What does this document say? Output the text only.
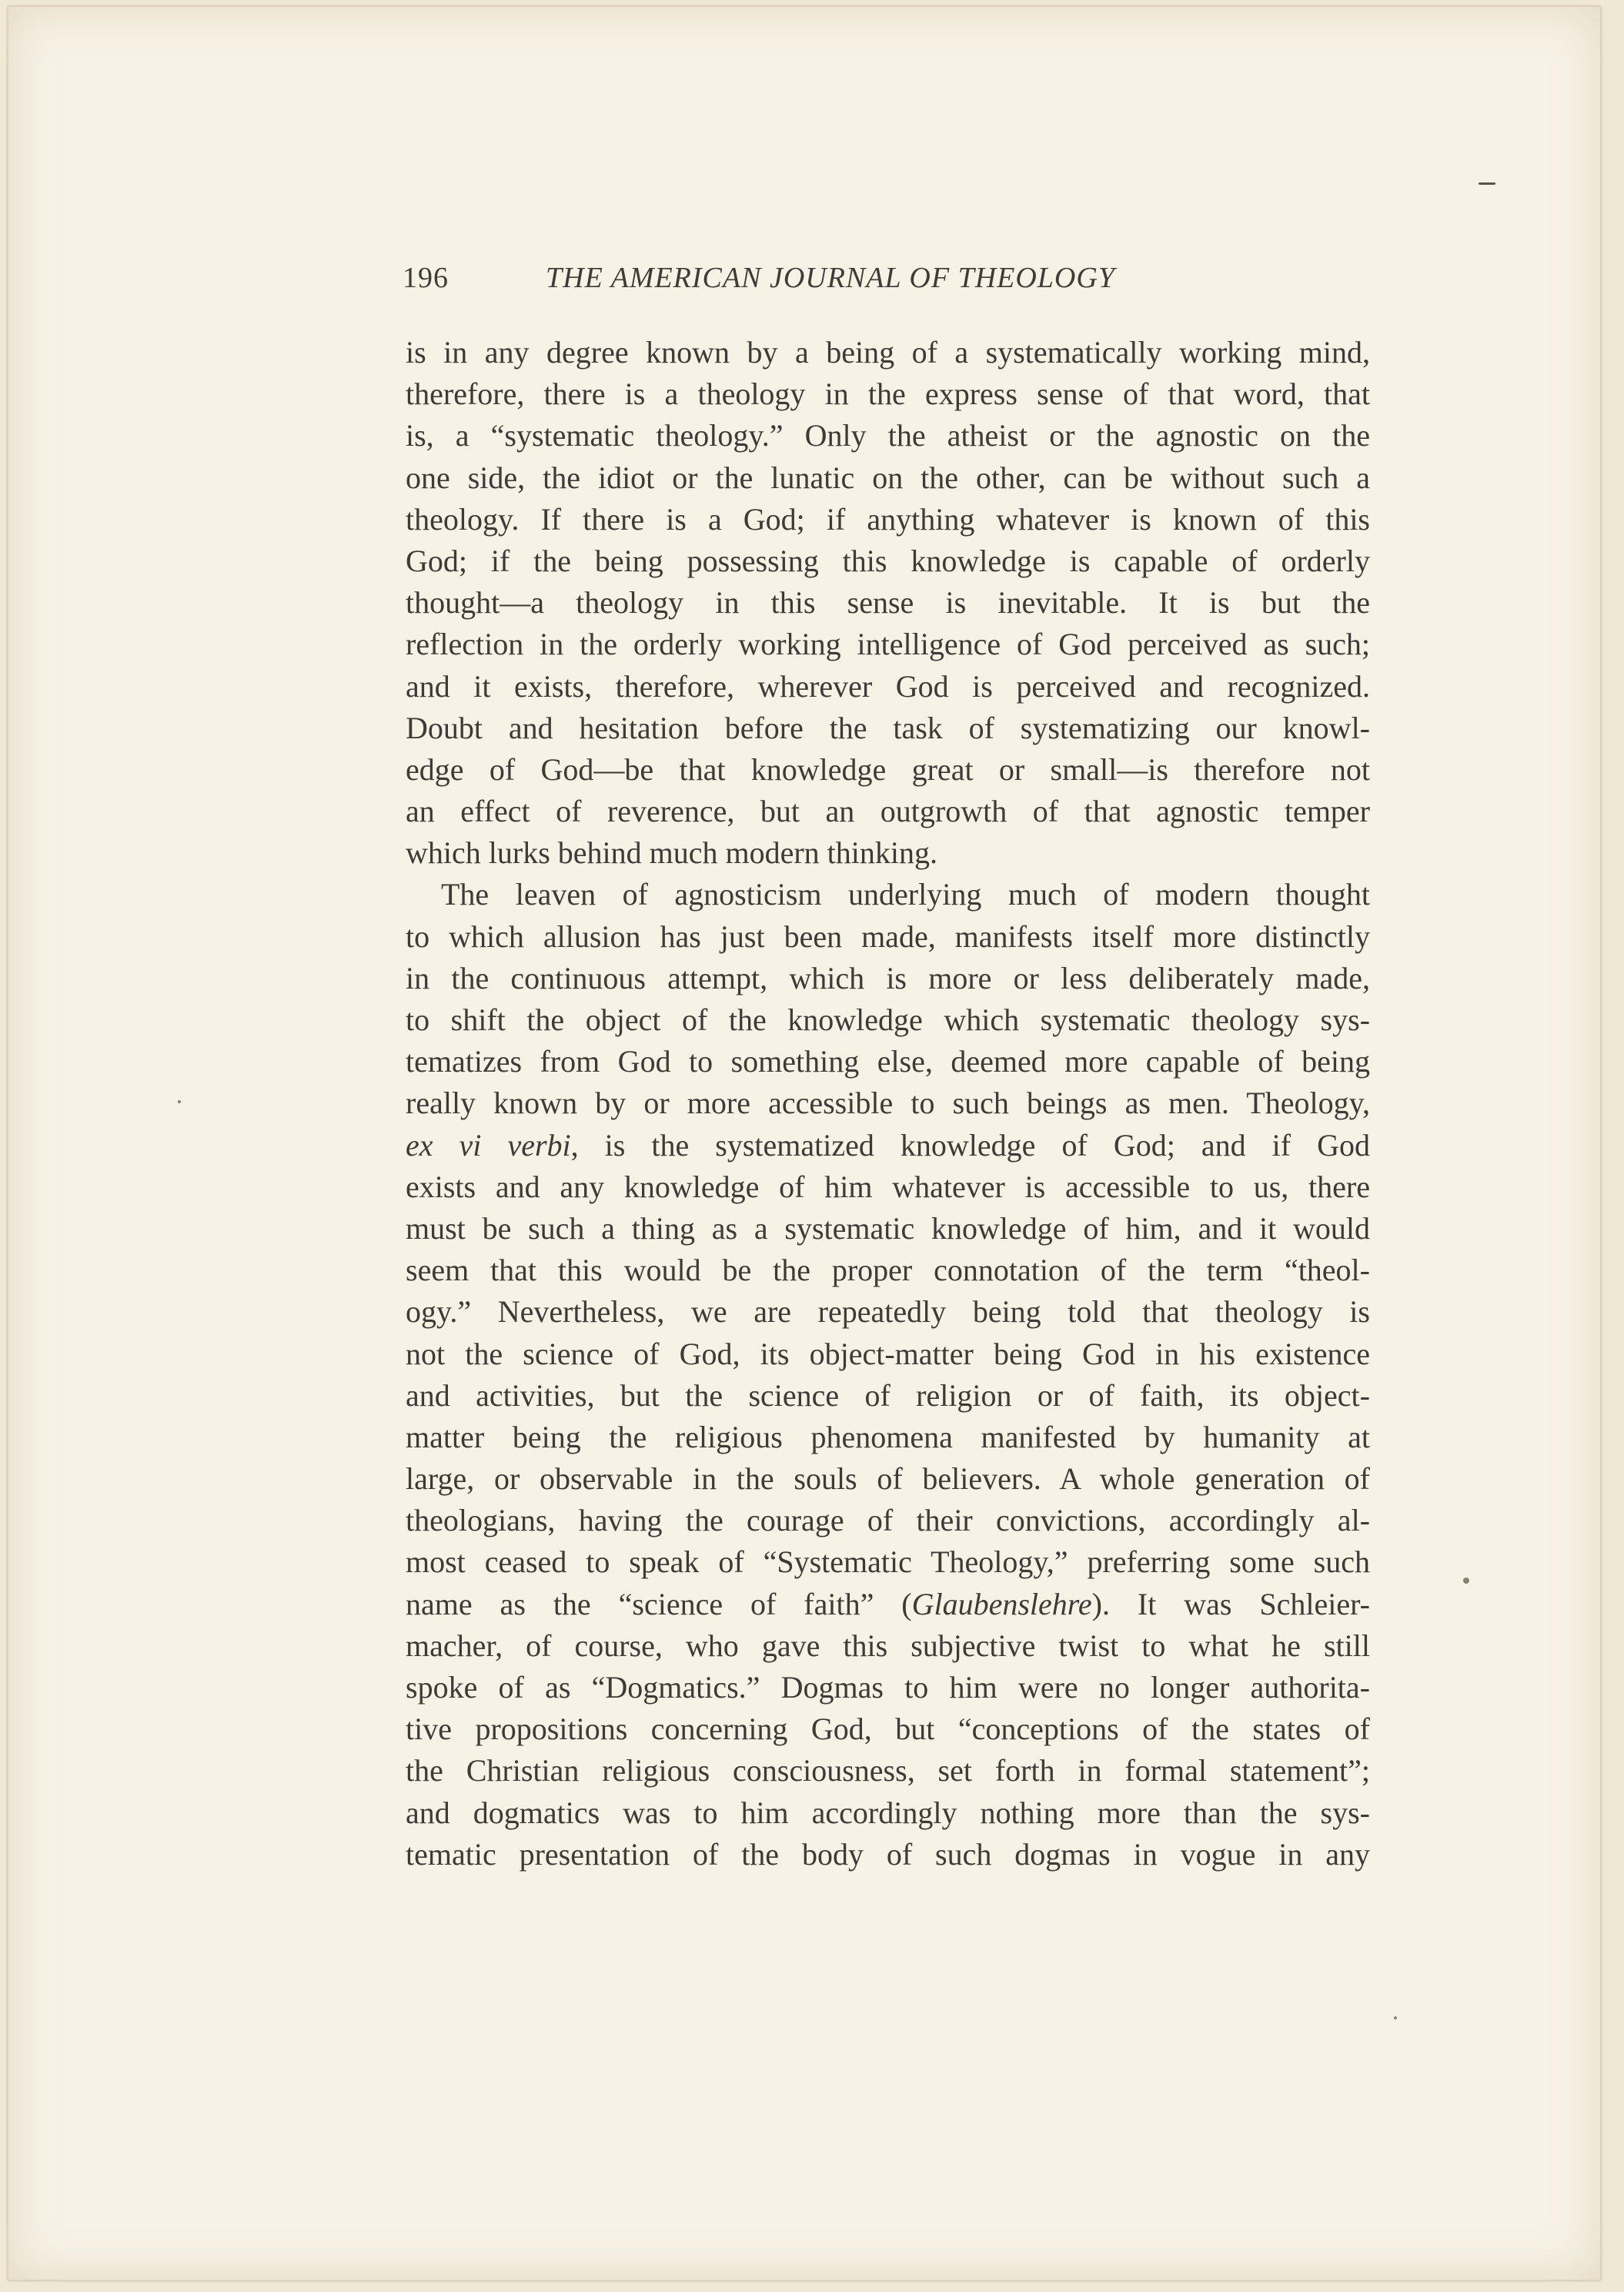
196	THE AMERICAN JOURNAL OF THEOLOGY
is in any degree known by a being of a systematically working mind,
therefore, there is a theology in the express sense of that word, that
is, a “systematic theology.” Only the atheist or the agnostic on the
one side, the idiot or the lunatic on the other, can be without such a
theology. If there is a God; if anything whatever is known of this
God; if the being possessing this knowledge is capable of orderly
thought—a theology in this sense is inevitable. It is but the
reflection in the orderly working intelligence of God perceived as such;
and it exists, therefore, wherever God is perceived and recognized.
Doubt and hesitation before the task of systematizing our knowl-
edge of God—be that knowledge great or small—is therefore not
an effect of reverence, but an outgrowth of that agnostic temper
which lurks behind much modern thinking.
The leaven of agnosticism underlying much of modern thought
to which allusion has just been made, manifests itself more distinctly
in the continuous attempt, which is more or less deliberately made,
to shift the object of the knowledge which systematic theology sys-
tematizes from God to something else, deemed more capable of being
really known by or more accessible to such beings as men. Theology,
ex vi verbi, is the systematized knowledge of God; and if God
exists and any knowledge of him whatever is accessible to us, there
must be such a thing as a systematic knowledge of him, and it would
seem that this would be the proper connotation of the term “theol-
ogy.” Nevertheless, we are repeatedly being told that theology is
not the science of God, its object-matter being God in his existence
and activities, but the science of religion or of faith, its object-
matter being the religious phenomena manifested by humanity at
large, or observable in the souls of believers. A whole generation of
theologians, having the courage of their convictions, accordingly al-
most ceased to speak of “Systematic Theology,” preferring some such
name as the “science of faith” (Glaubenslehre). It was Schleier-
macher, of course, who gave this subjective twist to what he still
spoke of as “Dogmatics.” Dogmas to him were no longer authorita-
tive propositions concerning God, but “conceptions of the states of
the Christian religious consciousness, set forth in formal statement”;
and dogmatics was to him accordingly nothing more than the sys-
tematic presentation of the body of such dogmas in vogue in any
